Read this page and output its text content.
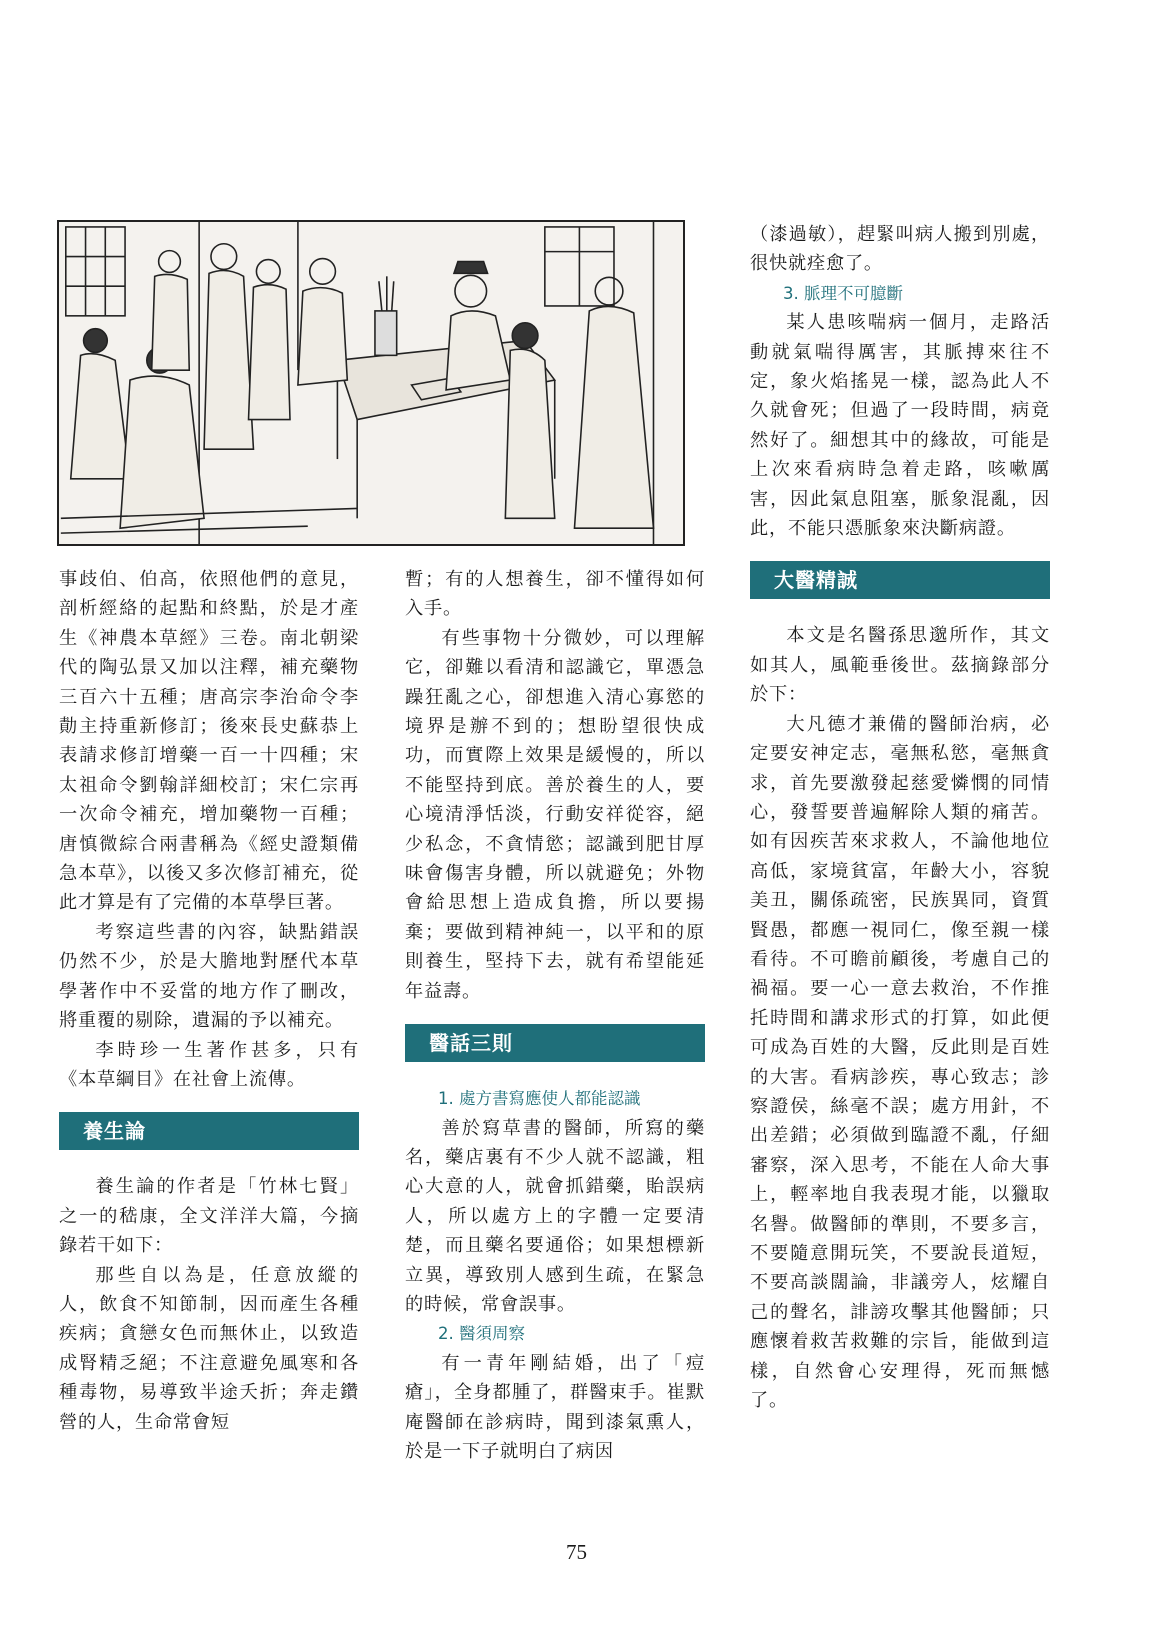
事歧伯、伯高，依照他們的意見，剖析經絡的起點和終點，於是才產生《神農本草經》三卷。南北朝梁代的陶弘景又加以注釋，補充藥物三百六十五種；唐高宗李治命令李勣主持重新修訂；後來長史蘇恭上表請求修訂增藥一百一十四種；宋太祖命令劉翰詳細校訂；宋仁宗再一次命令補充，增加藥物一百種；唐慎微綜合兩書稱為《經史證類備急本草》，以後又多次修訂補充，從此才算是有了完備的本草學巨著。

考察這些書的內容，缺點錯誤仍然不少，於是大膽地對歷代本草學著作中不妥當的地方作了刪改，將重覆的剔除，遺漏的予以補充。

李時珍一生著作甚多，只有《本草綱目》在社會上流傳。

養生論

養生論的作者是「竹林七賢」之一的嵇康，全文洋洋大篇，今摘錄若干如下：

那些自以為是，任意放縱的人，飲食不知節制，因而產生各種疾病；貪戀女色而無休止，以致造成腎精乏絕；不注意避免風寒和各種毒物，易導致半途夭折；奔走鑽營的人，生命常會短

暫；有的人想養生，卻不懂得如何入手。

有些事物十分微妙，可以理解它，卻難以看清和認識它，單憑急躁狂亂之心，卻想進入清心寡慾的境界是辦不到的；想盼望很快成功，而實際上效果是緩慢的，所以不能堅持到底。善於養生的人，要心境清淨恬淡，行動安祥從容，絕少私念，不貪情慾；認識到肥甘厚味會傷害身體，所以就避免；外物會給思想上造成負擔，所以要揚棄；要做到精神純一，以平和的原則養生，堅持下去，就有希望能延年益壽。

醫話三則
1. 處方書寫應使人都能認識

善於寫草書的醫師，所寫的藥名，藥店裏有不少人就不認識，粗心大意的人，就會抓錯藥，貽誤病人，所以處方上的字體一定要清楚，而且藥名要通俗；如果想標新立異，導致別人感到生疏，在緊急的時候，常會誤事。

2. 醫須周察

有一青年剛結婚，出了「痘瘡」，全身都腫了，群醫束手。崔默庵醫師在診病時，聞到漆氣熏人，於是一下子就明白了病因

（漆過敏），趕緊叫病人搬到別處，很快就痊愈了。

3. 脈理不可臆斷

某人患咳喘病一個月，走路活動就氣喘得厲害，其脈搏來往不定，象火焰搖晃一樣，認為此人不久就會死；但過了一段時間，病竟然好了。細想其中的緣故，可能是上次來看病時急着走路，咳嗽厲害，因此氣息阻塞，脈象混亂，因此，不能只憑脈象來決斷病證。

大醫精誠

本文是名醫孫思邈所作，其文如其人，風範垂後世。茲摘錄部分於下：

大凡德才兼備的醫師治病，必定要安神定志，毫無私慾，毫無貪求，首先要激發起慈愛憐憫的同情心，發誓要普遍解除人類的痛苦。如有因疾苦來求救人，不論他地位高低，家境貧富，年齡大小，容貌美丑，關係疏密，民族異同，資質賢愚，都應一視同仁，像至親一樣看待。不可瞻前顧後，考慮自己的禍福。要一心一意去救治，不作推托時間和講求形式的打算，如此便可成為百姓的大醫，反此則是百姓的大害。看病診疾，專心致志；診察證侯，絲毫不誤；處方用針，不出差錯；必須做到臨證不亂，仔細審察，深入思考，不能在人命大事上，輕率地自我表現才能，以獵取名譽。做醫師的準則，不要多言，不要隨意開玩笑，不要說長道短，不要高談闊論，非議旁人，炫耀自己的聲名，誹謗攻擊其他醫師；只應懷着救苦救難的宗旨，能做到這樣，自然會心安理得，死而無憾了。

75
